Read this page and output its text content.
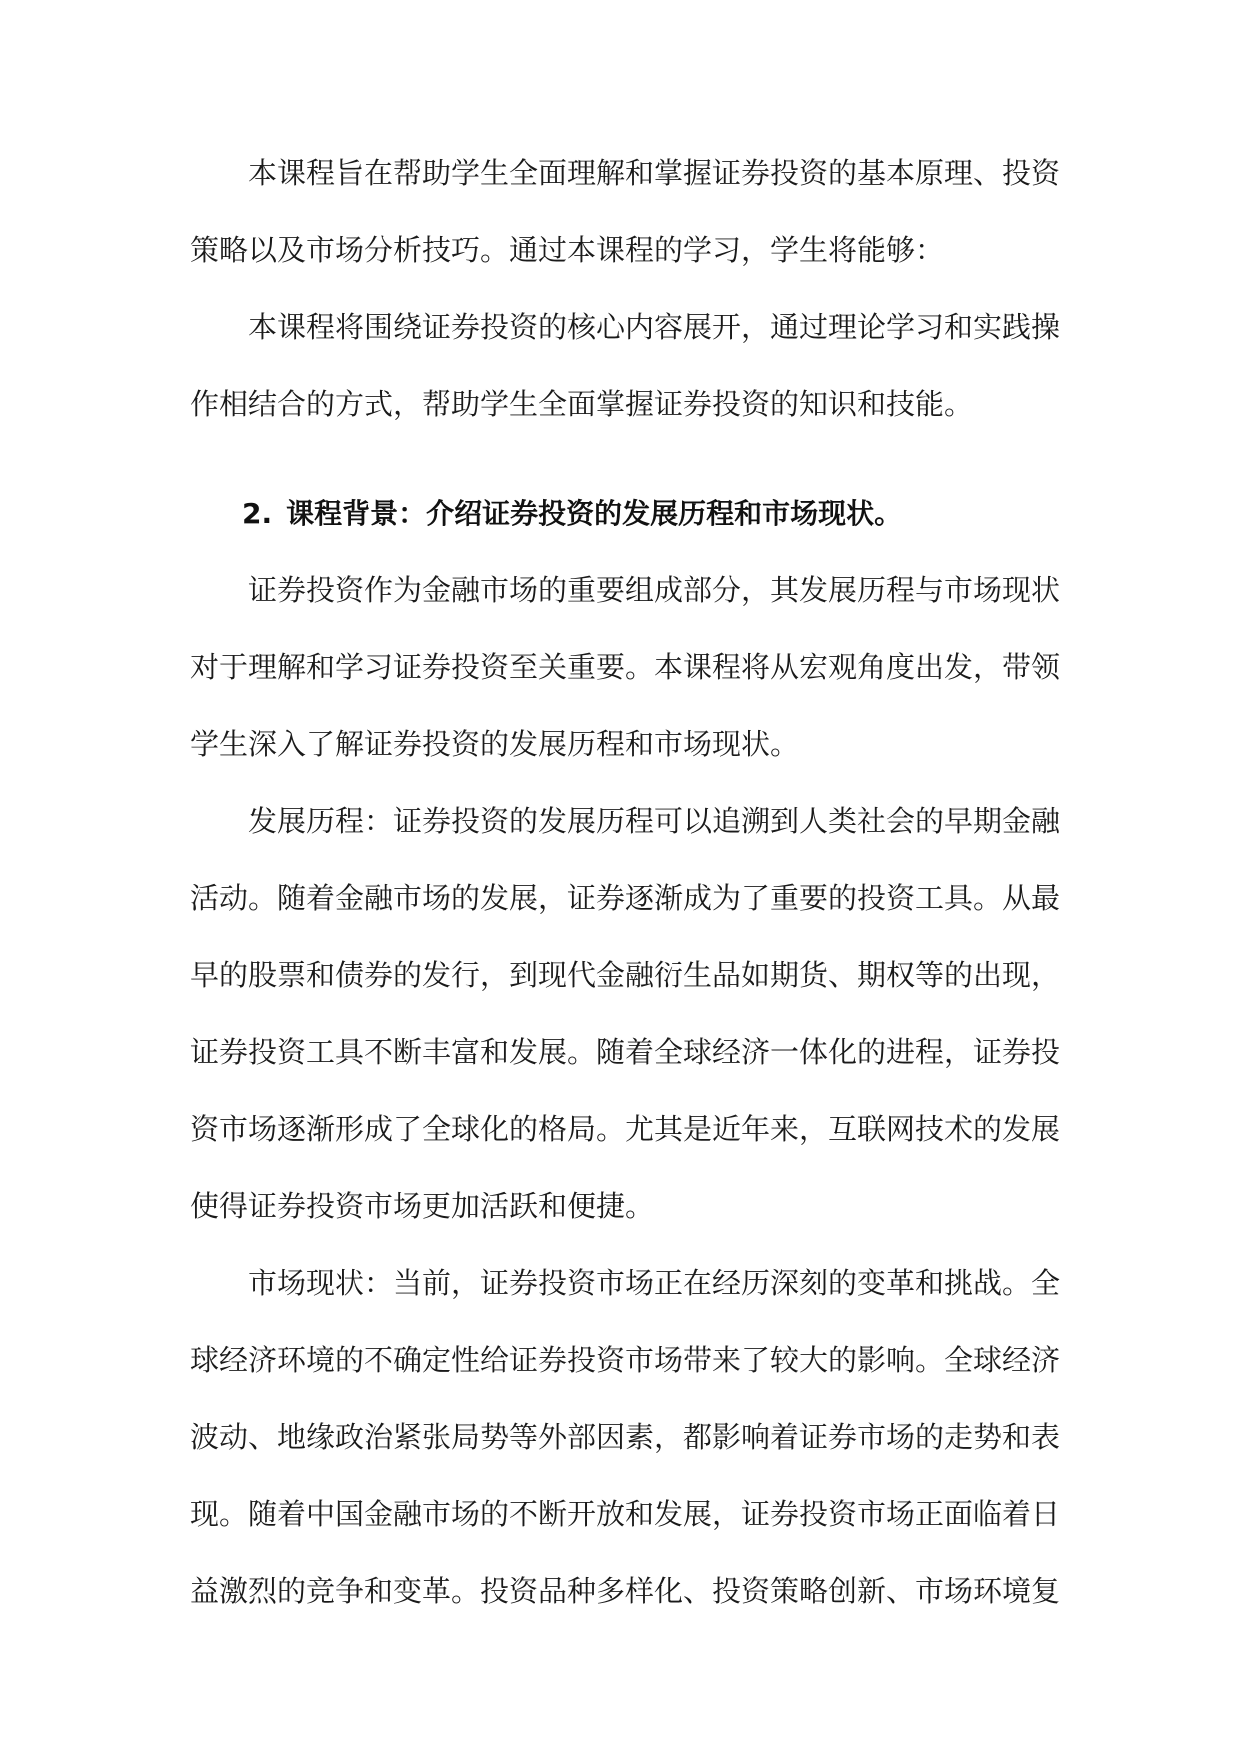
本课程旨在帮助学生全面理解和掌握证券投资的基本原理、投资策略以及市场分析技巧。通过本课程的学习，学生将能够：

本课程将围绕证券投资的核心内容展开，通过理论学习和实践操作相结合的方式，帮助学生全面掌握证券投资的知识和技能。

2. 课程背景：介绍证券投资的发展历程和市场现状。

证券投资作为金融市场的重要组成部分，其发展历程与市场现状对于理解和学习证券投资至关重要。本课程将从宏观角度出发，带领学生深入了解证券投资的发展历程和市场现状。

发展历程：证券投资的发展历程可以追溯到人类社会的早期金融活动。随着金融市场的发展，证券逐渐成为了重要的投资工具。从最早的股票和债券的发行，到现代金融衍生品如期货、期权等的出现，证券投资工具不断丰富和发展。随着全球经济一体化的进程，证券投资市场逐渐形成了全球化的格局。尤其是近年来，互联网技术的发展使得证券投资市场更加活跃和便捷。

市场现状：当前，证券投资市场正在经历深刻的变革和挑战。全球经济环境的不确定性给证券投资市场带来了较大的影响。全球经济波动、地缘政治紧张局势等外部因素，都影响着证券市场的走势和表现。随着中国金融市场的不断开放和发展，证券投资市场正面临着日益激烈的竞争和变革。投资品种多样化、投资策略创新、市场环境复
